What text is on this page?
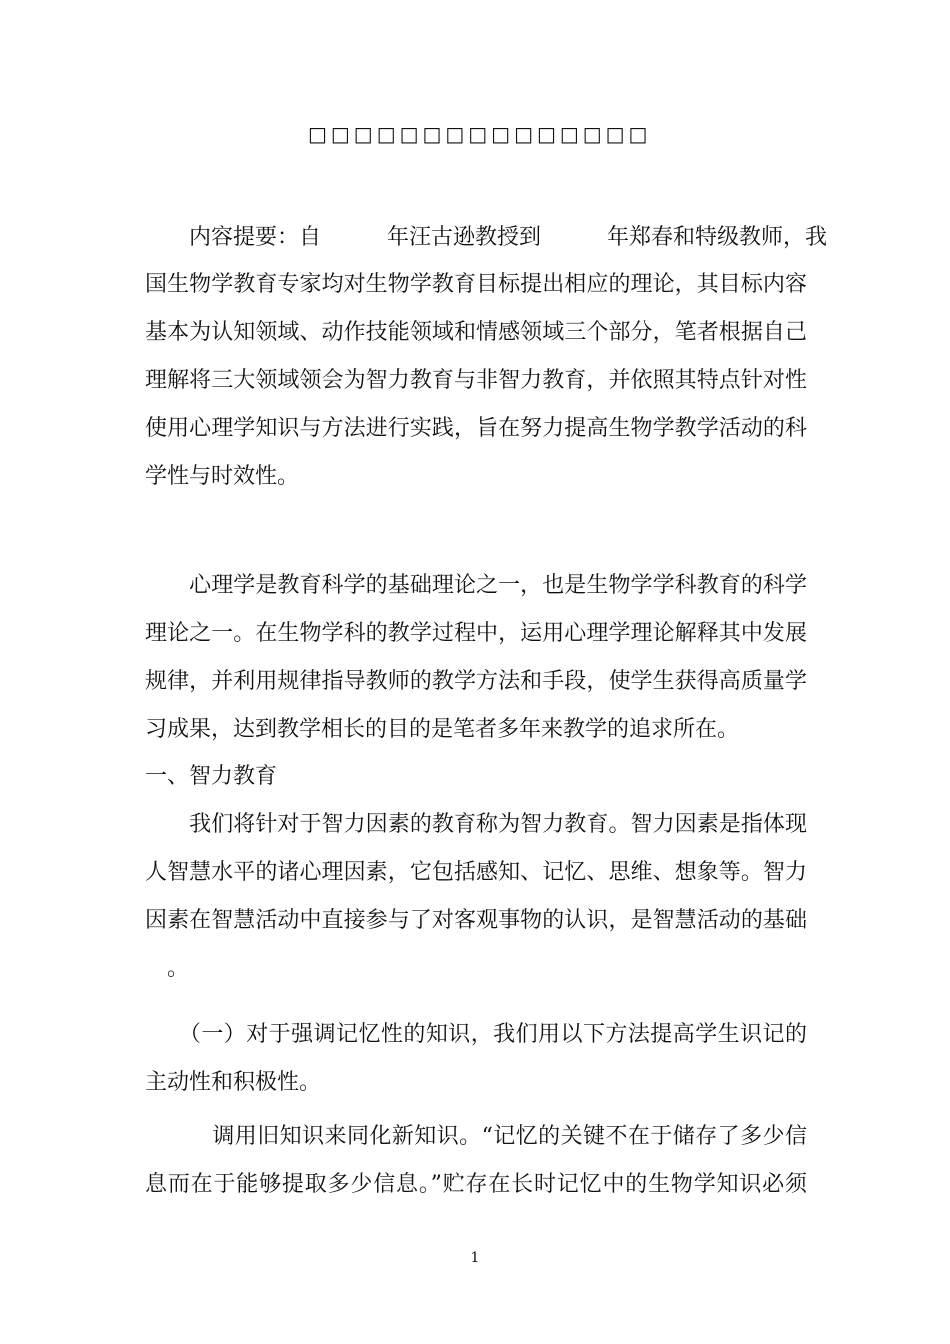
□□□□□□□□□□□□□□□
　　内容提要：自　　　年汪古逊教授到　　　年郑春和特级教师，我
国生物学教育专家均对生物学教育目标提出相应的理论，其目标内容
基本为认知领域、动作技能领域和情感领域三个部分，笔者根据自己
理解将三大领域领会为智力教育与非智力教育，并依照其特点针对性
使用心理学知识与方法进行实践，旨在努力提高生物学教学活动的科
学性与时效性。
　　心理学是教育科学的基础理论之一，也是生物学学科教育的科学
理论之一。在生物学科的教学过程中，运用心理学理论解释其中发展
规律，并利用规律指导教师的教学方法和手段，使学生获得高质量学
习成果，达到教学相长的目的是笔者多年来教学的追求所在。
一、智力教育
　　我们将针对于智力因素的教育称为智力教育。智力因素是指体现
人智慧水平的诸心理因素，它包括感知、记忆、思维、想象等。智力
因素在智慧活动中直接参与了对客观事物的认识，是智慧活动的基础
　。
　　（一）对于强调记忆性的知识，我们用以下方法提高学生识记的
主动性和积极性。
　　　调用旧知识来同化新知识。“记忆的关键不在于储存了多少信
息而在于能够提取多少信息。”贮存在长时记忆中的生物学知识必须
1
